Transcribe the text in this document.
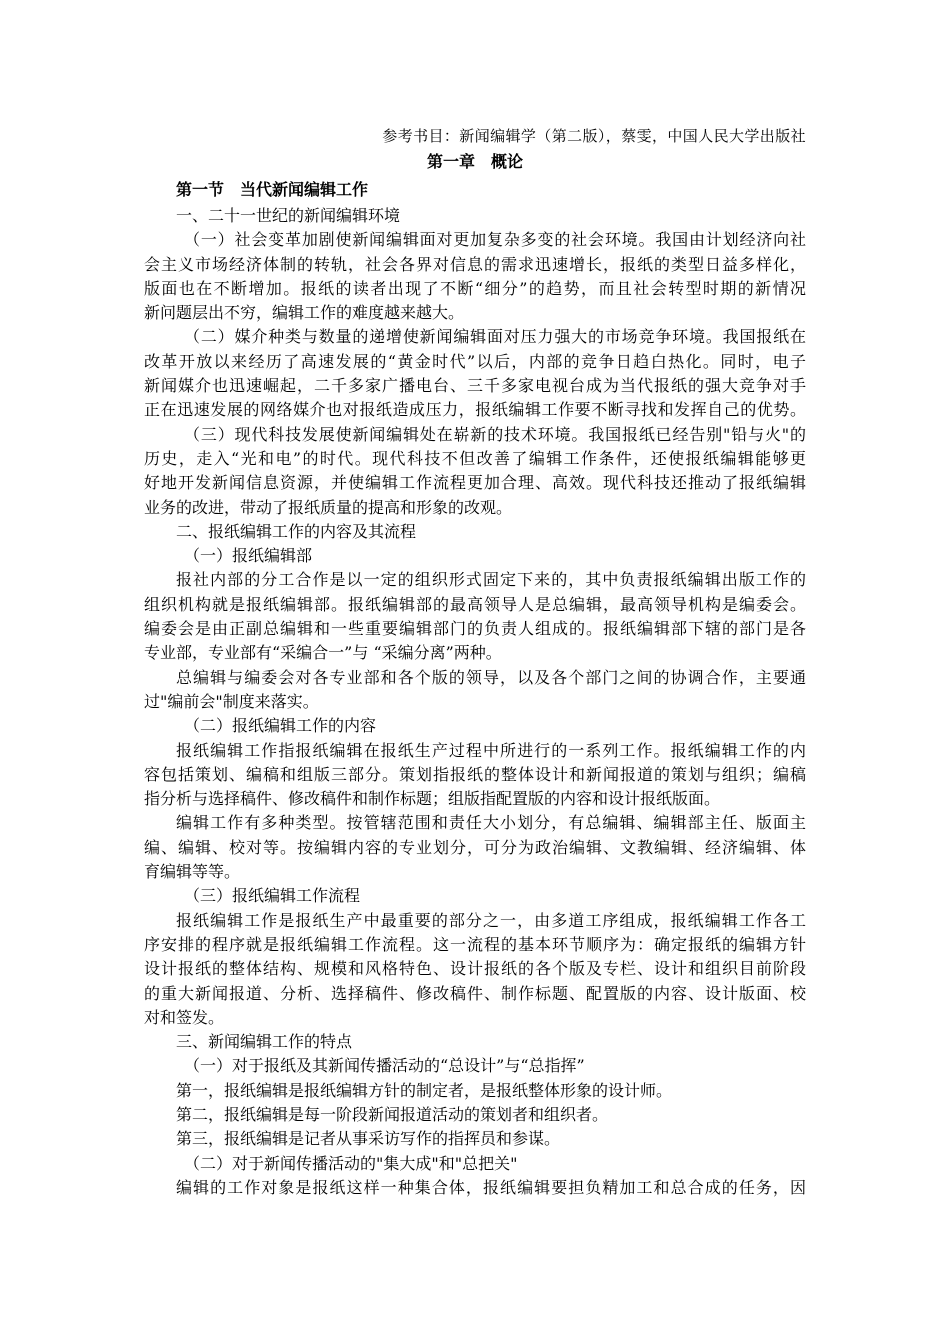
参考书目：新闻编辑学（第二版），蔡雯，中国人民大学出版社
第一章　概论
第一节　当代新闻编辑工作
一、二十一世纪的新闻编辑环境
（一）社会变革加剧使新闻编辑面对更加复杂多变的社会环境。我国由计划经济向社
会主义市场经济体制的转轨，社会各界对信息的需求迅速增长，报纸的类型日益多样化，
版面也在不断增加。报纸的读者出现了不断“细分”的趋势，而且社会转型时期的新情况
新问题层出不穷，编辑工作的难度越来越大。
（二）媒介种类与数量的递增使新闻编辑面对压力强大的市场竞争环境。我国报纸在
改革开放以来经历了高速发展的“黄金时代”以后，内部的竞争日趋白热化。同时，电子
新闻媒介也迅速崛起，二千多家广播电台、三千多家电视台成为当代报纸的强大竞争对手
正在迅速发展的网络媒介也对报纸造成压力，报纸编辑工作要不断寻找和发挥自己的优势。
（三）现代科技发展使新闻编辑处在崭新的技术环境。我国报纸已经告别"铅与火"的
历史，走入“光和电”的时代。现代科技不但改善了编辑工作条件，还使报纸编辑能够更
好地开发新闻信息资源，并使编辑工作流程更加合理、高效。现代科技还推动了报纸编辑
业务的改进，带动了报纸质量的提高和形象的改观。
二、报纸编辑工作的内容及其流程
（一）报纸编辑部
报社内部的分工合作是以一定的组织形式固定下来的，其中负责报纸编辑出版工作的
组织机构就是报纸编辑部。报纸编辑部的最高领导人是总编辑，最高领导机构是编委会。
编委会是由正副总编辑和一些重要编辑部门的负责人组成的。报纸编辑部下辖的部门是各
专业部，专业部有“采编合一”与 “采编分离”两种。
总编辑与编委会对各专业部和各个版的领导，以及各个部门之间的协调合作，主要通
过"编前会"制度来落实。
（二）报纸编辑工作的内容
报纸编辑工作指报纸编辑在报纸生产过程中所进行的一系列工作。报纸编辑工作的内
容包括策划、编稿和组版三部分。策划指报纸的整体设计和新闻报道的策划与组织；编稿
指分析与选择稿件、修改稿件和制作标题；组版指配置版的内容和设计报纸版面。
编辑工作有多种类型。按管辖范围和责任大小划分，有总编辑、编辑部主任、版面主
编、编辑、校对等。按编辑内容的专业划分，可分为政治编辑、文教编辑、经济编辑、体
育编辑等等。
（三）报纸编辑工作流程
报纸编辑工作是报纸生产中最重要的部分之一，由多道工序组成，报纸编辑工作各工
序安排的程序就是报纸编辑工作流程。这一流程的基本环节顺序为：确定报纸的编辑方针
设计报纸的整体结构、规模和风格特色、设计报纸的各个版及专栏、设计和组织目前阶段
的重大新闻报道、分析、选择稿件、修改稿件、制作标题、配置版的内容、设计版面、校
对和签发。
三、新闻编辑工作的特点
（一）对于报纸及其新闻传播活动的“总设计”与“总指挥”
第一，报纸编辑是报纸编辑方针的制定者，是报纸整体形象的设计师。
第二，报纸编辑是每一阶段新闻报道活动的策划者和组织者。
第三，报纸编辑是记者从事采访写作的指挥员和参谋。
（二）对于新闻传播活动的"集大成"和"总把关"
编辑的工作对象是报纸这样一种集合体，报纸编辑要担负精加工和总合成的任务，因
